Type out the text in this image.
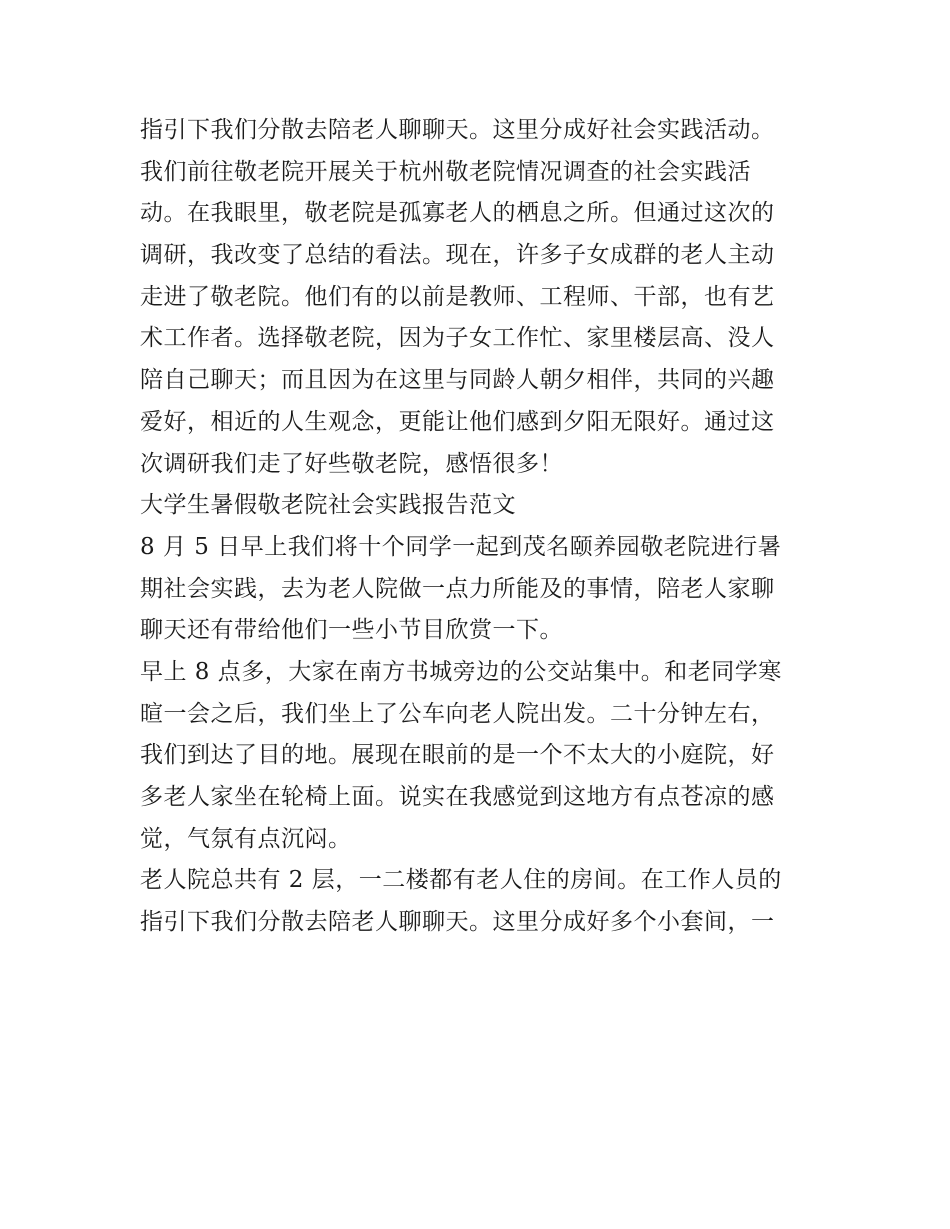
指引下我们分散去陪老人聊聊天。这里分成好社会实践活动。
我们前往敬老院开展关于杭州敬老院情况调查的社会实践活
动。在我眼里，敬老院是孤寡老人的栖息之所。但通过这次的
调研，我改变了总结的看法。现在，许多子女成群的老人主动
走进了敬老院。他们有的以前是教师、工程师、干部，也有艺
术工作者。选择敬老院，因为子女工作忙、家里楼层高、没人
陪自己聊天；而且因为在这里与同龄人朝夕相伴，共同的兴趣
爱好，相近的人生观念，更能让他们感到夕阳无限好。通过这
次调研我们走了好些敬老院，感悟很多！
大学生暑假敬老院社会实践报告范文
8 月 5 日早上我们将十个同学一起到茂名颐养园敬老院进行暑
期社会实践，去为老人院做一点力所能及的事情，陪老人家聊
聊天还有带给他们一些小节目欣赏一下。
早上 8 点多，大家在南方书城旁边的公交站集中。和老同学寒
暄一会之后，我们坐上了公车向老人院出发。二十分钟左右，
我们到达了目的地。展现在眼前的是一个不太大的小庭院，好
多老人家坐在轮椅上面。说实在我感觉到这地方有点苍凉的感
觉，气氛有点沉闷。
老人院总共有 2 层，一二楼都有老人住的房间。在工作人员的
指引下我们分散去陪老人聊聊天。这里分成好多个小套间，一
